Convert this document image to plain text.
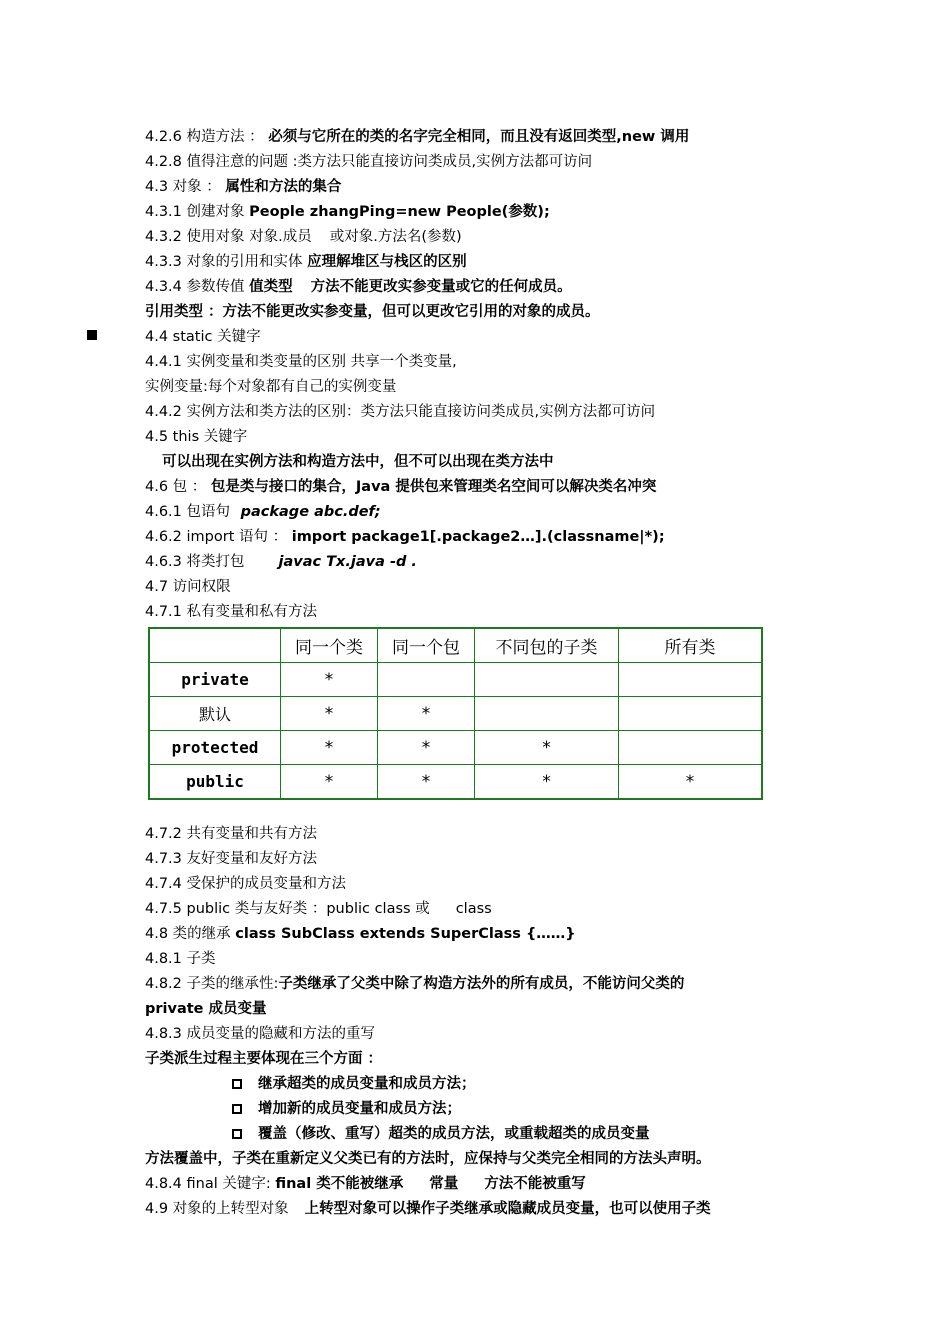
4.2.6 构造方法 ： 必须与它所在的类的名字完全相同，而且没有返回类型,new 调用
4.2.8 值得注意的问题 :类方法只能直接访问类成员,实例方法都可访问
4.3 对象 ： 属性和方法的集合
4.3.1 创建对象 People zhangPing=new People(参数);
4.3.2 使用对象 对象.成员 或对象.方法名(参数)
4.3.3 对象的引用和实体 应理解堆区与栈区的区别
4.3.4 参数传值 值类型 方法不能更改实参变量或它的任何成员。
引用类型 ：方法不能更改实参变量，但可以更改它引用的对象的成员。
4.4 static 关键字
4.4.1 实例变量和类变量的区别 共享一个类变量,
实例变量:每个对象都有自己的实例变量
4.4.2 实例方法和类方法的区别：类方法只能直接访问类成员,实例方法都可访问
4.5 this 关键字
可以出现在实例方法和构造方法中，但不可以出现在类方法中
4.6 包 ： 包是类与接口的集合，Java 提供包来管理类名空间可以解决类名冲突
4.6.1 包语句 package abc.def;
4.6.2 import 语句 ： import package1[.package2…].(classname|*);
4.6.3 将类打包 javac Tx.java -d .
4.7 访问权限
4.7.1 私有变量和私有方法
	同一个类	同一个包	不同包的子类	所有类
private	*			
默认	*	*		
protected	*	*	*	
public	*	*	*	*
4.7.2 共有变量和共有方法
4.7.3 友好变量和友好方法
4.7.4 受保护的成员变量和方法
4.7.5 public 类与友好类 ：public class 或 class
4.8 类的继承 class SubClass extends SuperClass {……}
4.8.1 子类
4.8.2 子类的继承性:子类继承了父类中除了构造方法外的所有成员，不能访问父类的
private 成员变量
4.8.3 成员变量的隐藏和方法的重写
子类派生过程主要体现在三个方面 ：
继承超类的成员变量和成员方法；
增加新的成员变量和成员方法；
覆盖（修改、重写）超类的成员方法，或重载超类的成员变量
方法覆盖中，子类在重新定义父类已有的方法时，应保持与父类完全相同的方法头声明。
4.8.4 final 关键字: final 类不能被继承 常量 方法不能被重写
4.9 对象的上转型对象 上转型对象可以操作子类继承或隐藏成员变量，也可以使用子类
